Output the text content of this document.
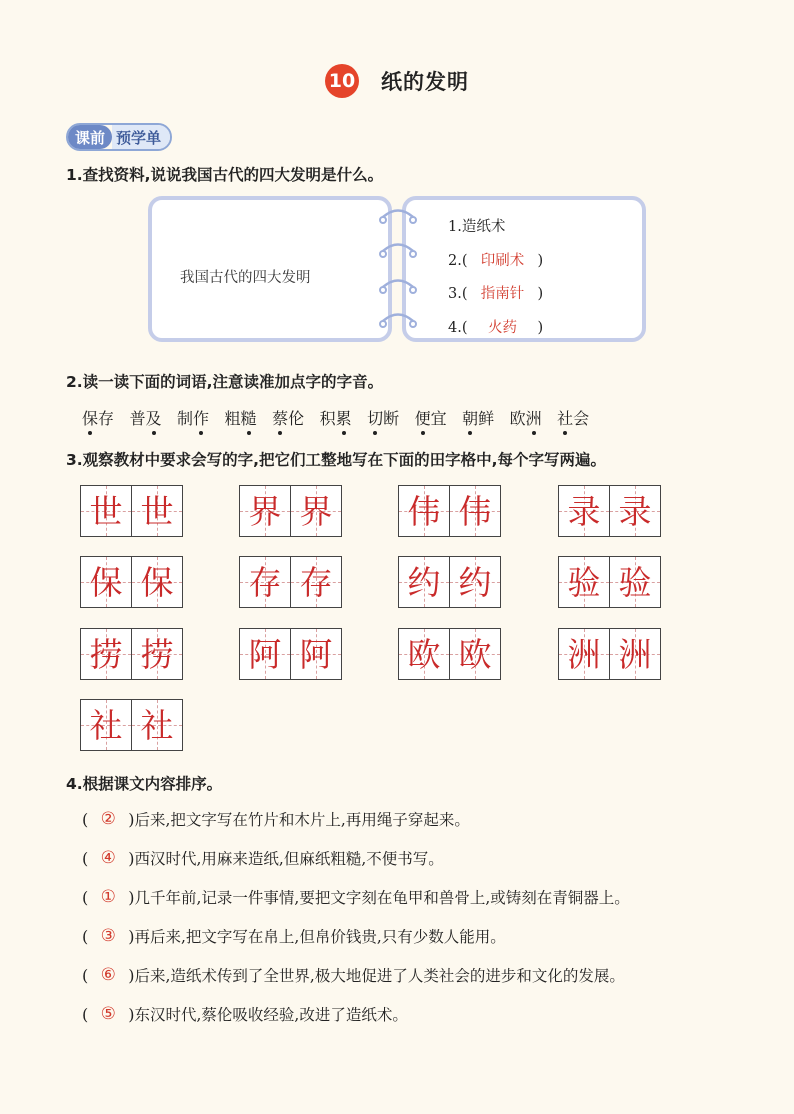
10 纸的发明
课前 预学单
1.查找资料,说说我国古代的四大发明是什么。
我国古代的四大发明
1.造纸术
2.( 印刷术 )
3.( 指南针 )
4.( 火药 )
2.读一读下面的词语,注意读准加点字的字音。
保存 普及 制作 粗糙 蔡伦 积累 切断 便宜 朝鲜 欧洲 社会
3.观察教材中要求会写的字,把它们工整地写在下面的田字格中,每个字写两遍。
世 世 界 界 伟 伟 录 录
保 保 存 存 约 约 验 验
捞 捞 阿 阿 欧 欧 洲 洲
社 社
4.根据课文内容排序。
( ② ) 后来,把文字写在竹片和木片上,再用绳子穿起来。
( ④ ) 西汉时代,用麻来造纸,但麻纸粗糙,不便书写。
( ① ) 几千年前,记录一件事情,要把文字刻在龟甲和兽骨上,或铸刻在青铜器上。
( ③ ) 再后来,把文字写在帛上,但帛价钱贵,只有少数人能用。
( ⑥ ) 后来,造纸术传到了全世界,极大地促进了人类社会的进步和文化的发展。
( ⑤ ) 东汉时代,蔡伦吸收经验,改进了造纸术。
